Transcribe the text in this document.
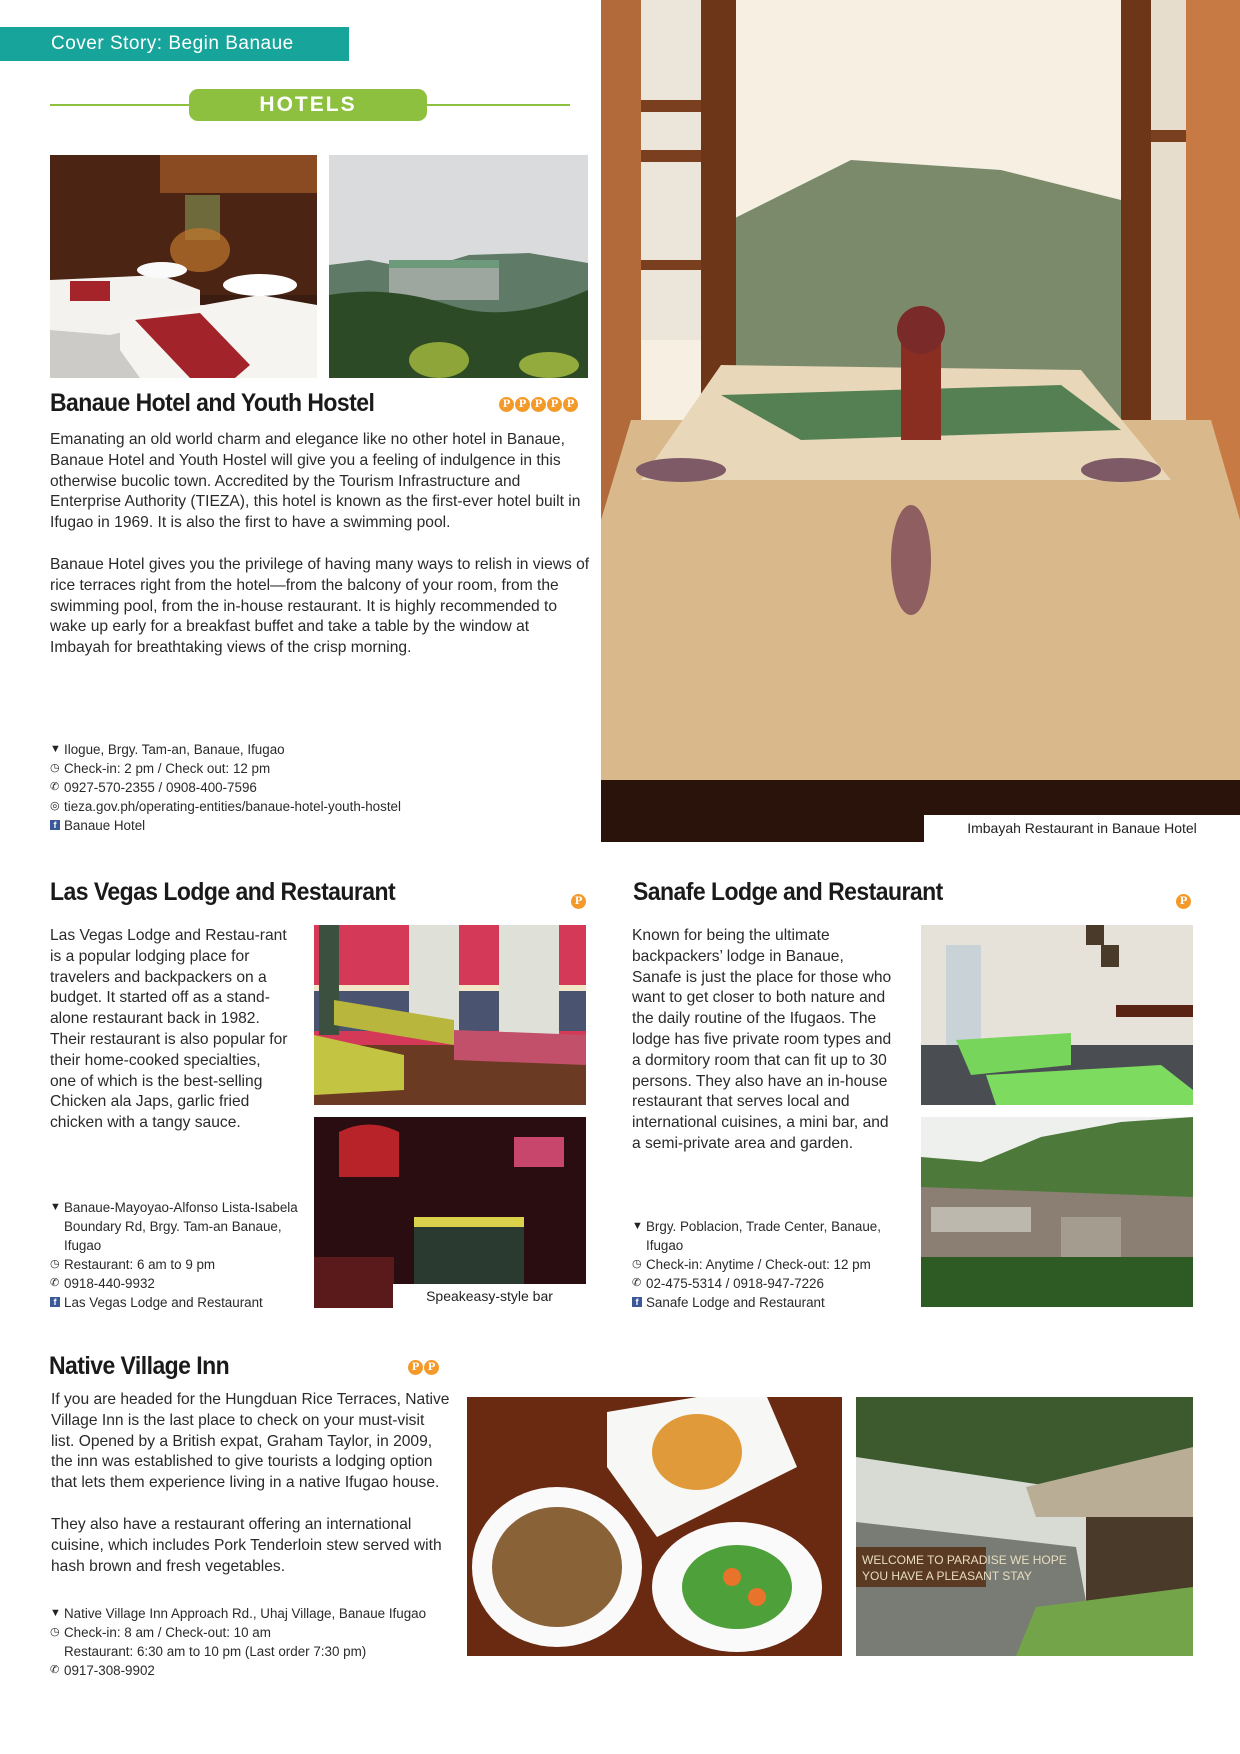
Cover Story: Begin Banaue
HOTELS
Banaue Hotel and Youth Hostel	P P P P P

Emanating an old world charm and elegance like no other hotel in Banaue, Banaue Hotel and Youth Hostel will give you a feeling of indulgence in this otherwise bucolic town. Accredited by the Tourism Infrastructure and Enterprise Authority (TIEZA), this hotel is known as the first-ever hotel built in Ifugao in 1969. It is also the first to have a swimming pool.

Banaue Hotel gives you the privilege of having many ways to relish in views of rice terraces right from the hotel—from the balcony of your room, from the swimming pool, from the in-house restaurant. It is highly recommended to wake up early for a breakfast buffet and take a table by the window at Imbayah for breathtaking views of the crisp morning.

▼ Ilogue, Brgy. Tam-an, Banaue, Ifugao
◷ Check-in: 2 pm / Check out: 12 pm
✆ 0927-570-2355 / 0908-400-7596
◎ tieza.gov.ph/operating-entities/banaue-hotel-youth-hostel
f Banaue Hotel	Imbayah Restaurant in Banaue Hotel
Las Vegas Lodge and Restaurant	P

Las Vegas Lodge and Restau-rant is a popular lodging place for travelers and backpackers on a budget. It started off as a stand-alone restaurant back in 1982. Their restaurant is also popular for their home-cooked specialties, one of which is the best-selling Chicken ala Japs, garlic fried chicken with a tangy sauce.

▼ Banaue-Mayoyao-Alfonso Lista-Isabela Boundary Rd, Brgy. Tam-an Banaue, Ifugao
◷ Restaurant: 6 am to 9 pm
✆ 0918-440-9932
f Las Vegas Lodge and Restaurant	Speakeasy-style bar
Sanafe Lodge and Restaurant	P

Known for being the ultimate backpackers’ lodge in Banaue, Sanafe is just the place for those who want to get closer to both nature and the daily routine of the Ifugaos. The lodge has five private room types and a dormitory room that can fit up to 30 persons. They also have an in-house restaurant that serves local and international cuisines, a mini bar, and a semi-private area and garden.

▼ Brgy. Poblacion, Trade Center, Banaue, Ifugao
◷ Check-in: Anytime / Check-out: 12 pm
✆ 02-475-5314 / 0918-947-7226
f Sanafe Lodge and Restaurant
Native Village Inn	P P

If you are headed for the Hungduan Rice Terraces, Native Village Inn is the last place to check on your must-visit list. Opened by a British expat, Graham Taylor, in 2009, the inn was established to give tourists a lodging option that lets them experience living in a native Ifugao house.

They also have a restaurant offering an international cuisine, which includes Pork Tenderloin stew served with hash brown and fresh vegetables.

▼ Native Village Inn Approach Rd., Uhaj Village, Banaue Ifugao
◷ Check-in: 8 am / Check-out: 10 am
Restaurant: 6:30 am to 10 pm (Last order 7:30 pm)
✆ 0917-308-9902
WELCOME TO PARADISE WE HOPE
YOU HAVE A PLEASANT STAY
